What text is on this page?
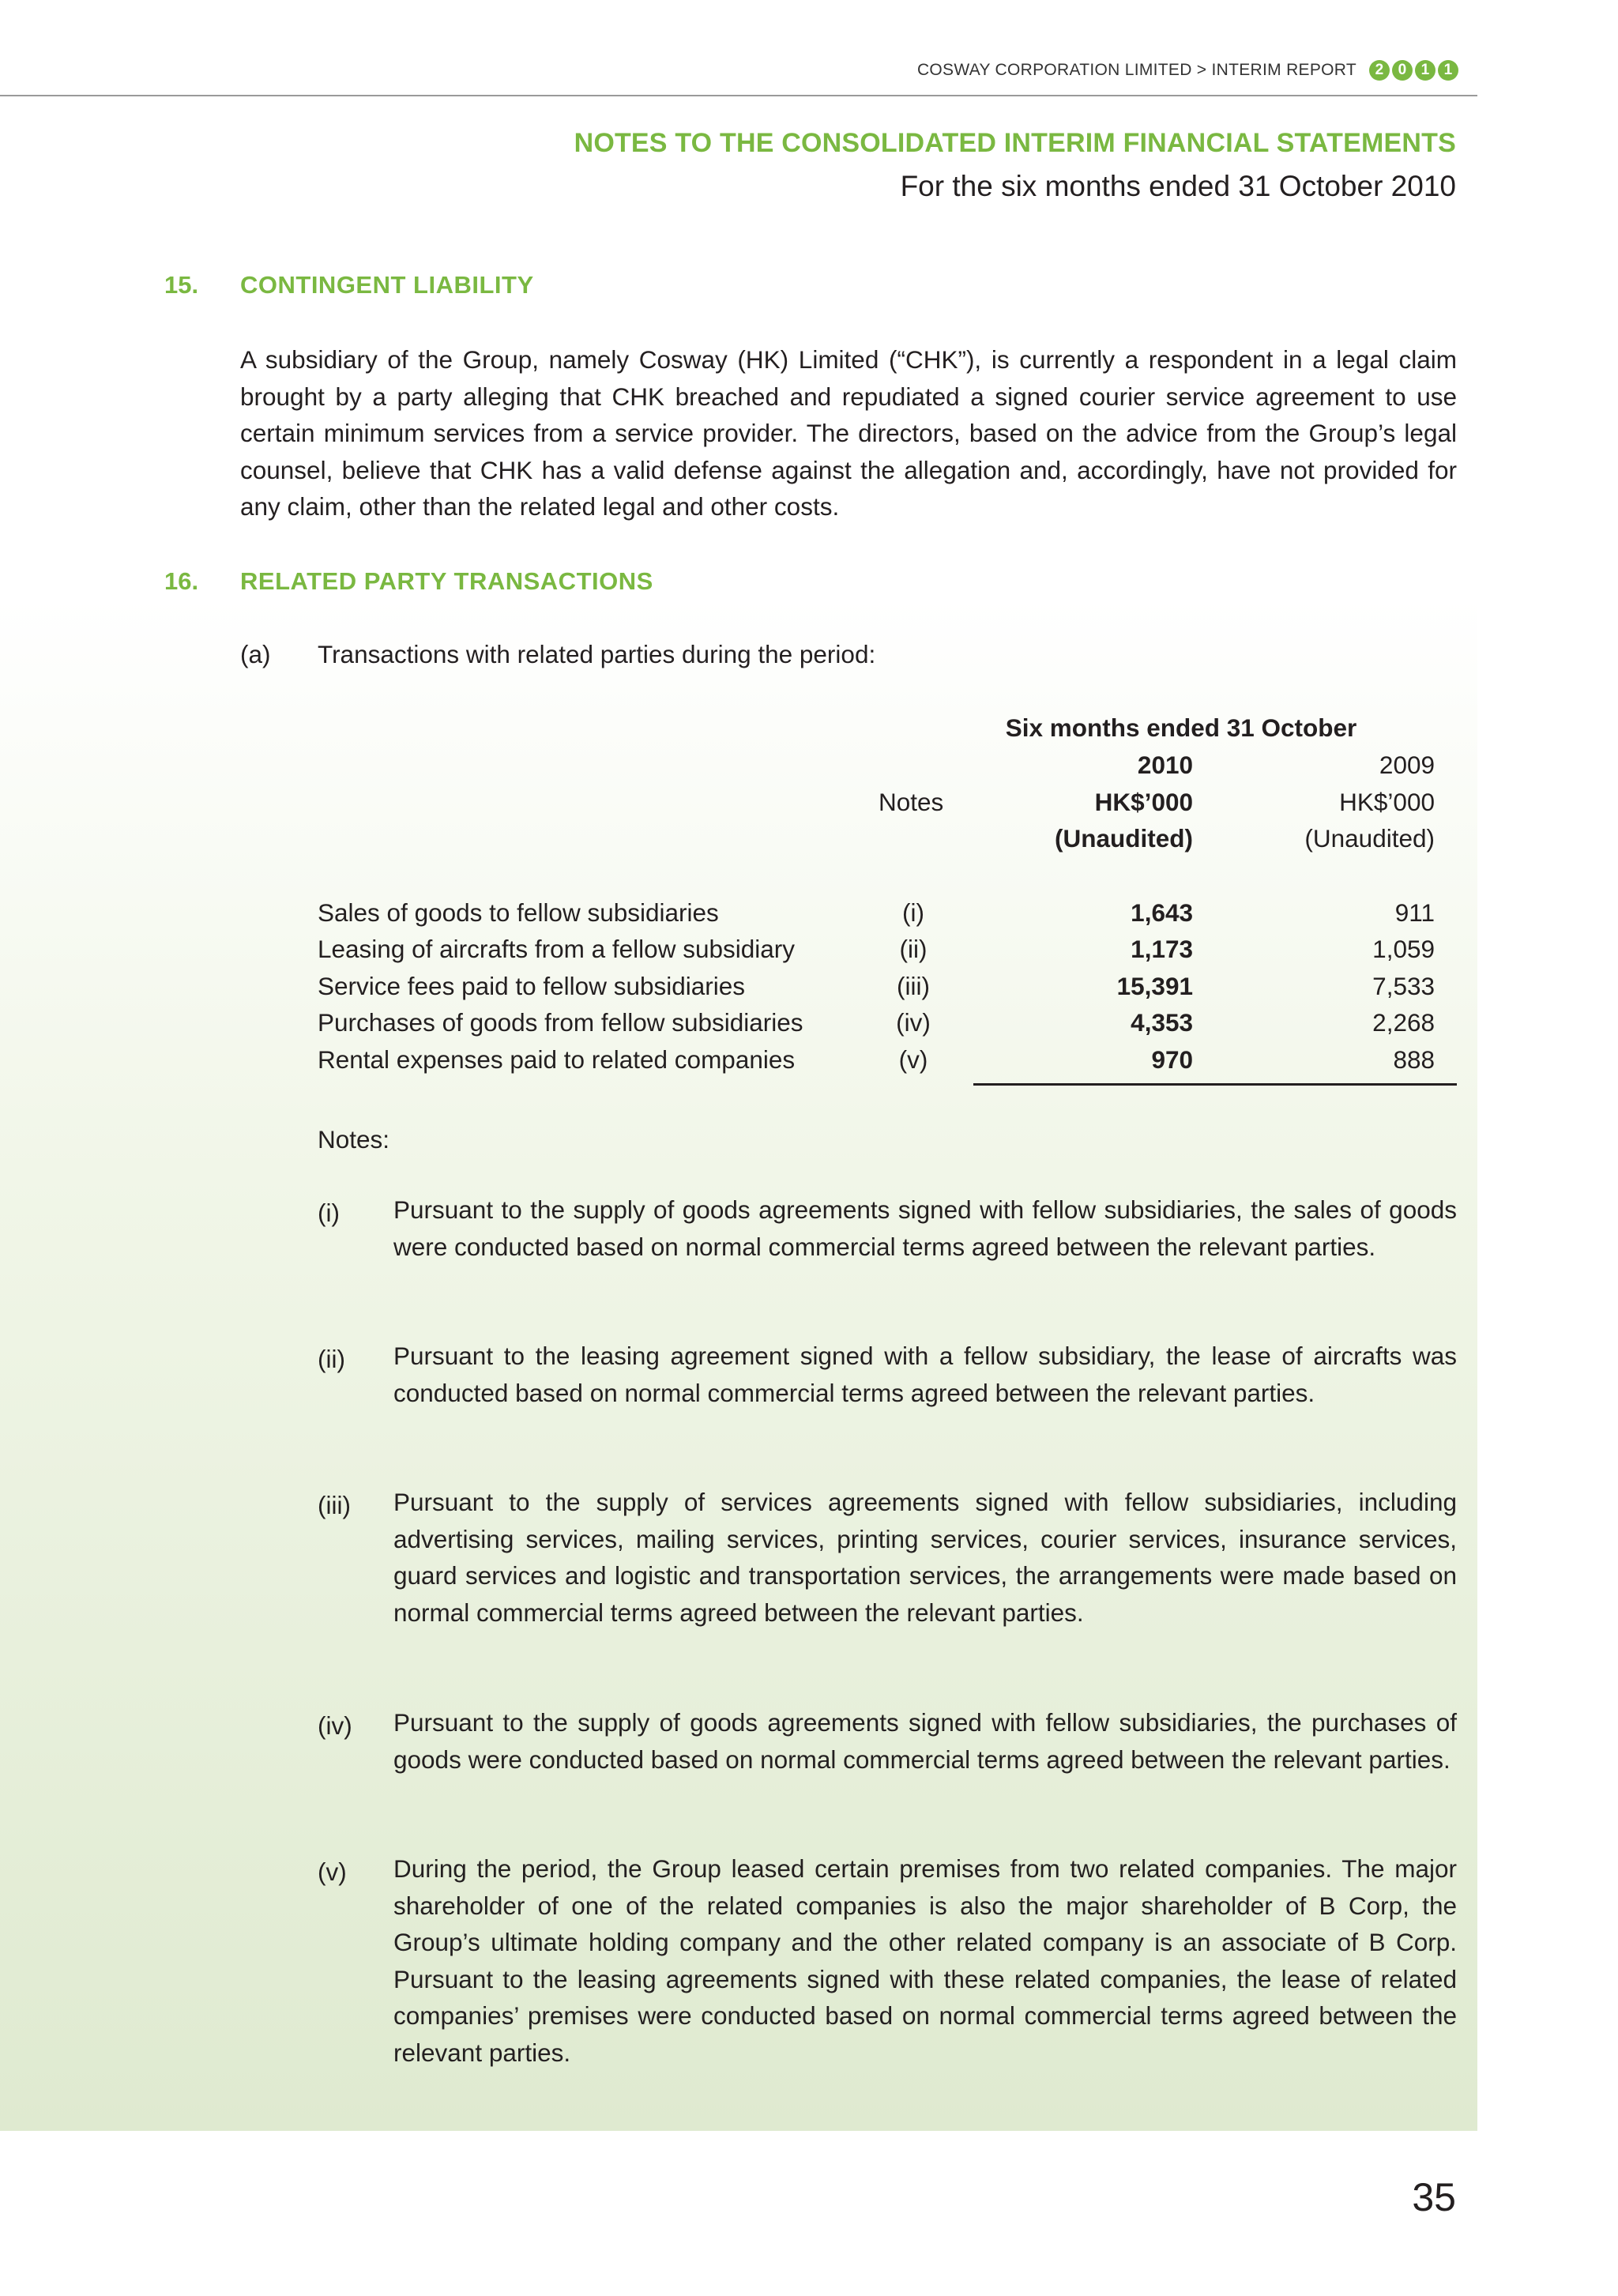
COSWAY CORPORATION LIMITED > INTERIM REPORT	2 0 1 1
NOTES TO THE CONSOLIDATED INTERIM FINANCIAL STATEMENTS
For the six months ended 31 October 2010
15. CONTINGENT LIABILITY
A subsidiary of the Group, namely Cosway (HK) Limited (“CHK”), is currently a respondent in a legal claim brought by a party alleging that CHK breached and repudiated a signed courier service agreement to use certain minimum services from a service provider. The directors, based on the advice from the Group’s legal counsel, believe that CHK has a valid defense against the allegation and, accordingly, have not provided for any claim, other than the related legal and other costs.
16. RELATED PARTY TRANSACTIONS
(a) Transactions with related parties during the period:
Six months ended 31 October
2010	2009
Notes	HK$’000	HK$’000
(Unaudited)	(Unaudited)
Sales of goods to fellow subsidiaries	(i)	1,643	911
Leasing of aircrafts from a fellow subsidiary	(ii)	1,173	1,059
Service fees paid to fellow subsidiaries	(iii)	15,391	7,533
Purchases of goods from fellow subsidiaries	(iv)	4,353	2,268
Rental expenses paid to related companies	(v)	970	888
Notes:
(i) Pursuant to the supply of goods agreements signed with fellow subsidiaries, the sales of goods were conducted based on normal commercial terms agreed between the relevant parties.
(ii) Pursuant to the leasing agreement signed with a fellow subsidiary, the lease of aircrafts was conducted based on normal commercial terms agreed between the relevant parties.
(iii) Pursuant to the supply of services agreements signed with fellow subsidiaries, including advertising services, mailing services, printing services, courier services, insurance services, guard services and logistic and transportation services, the arrangements were made based on normal commercial terms agreed between the relevant parties.
(iv) Pursuant to the supply of goods agreements signed with fellow subsidiaries, the purchases of goods were conducted based on normal commercial terms agreed between the relevant parties.
(v) During the period, the Group leased certain premises from two related companies. The major shareholder of one of the related companies is also the major shareholder of B Corp, the Group’s ultimate holding company and the other related company is an associate of B Corp. Pursuant to the leasing agreements signed with these related companies, the lease of related companies’ premises were conducted based on normal commercial terms agreed between the relevant parties.
35
